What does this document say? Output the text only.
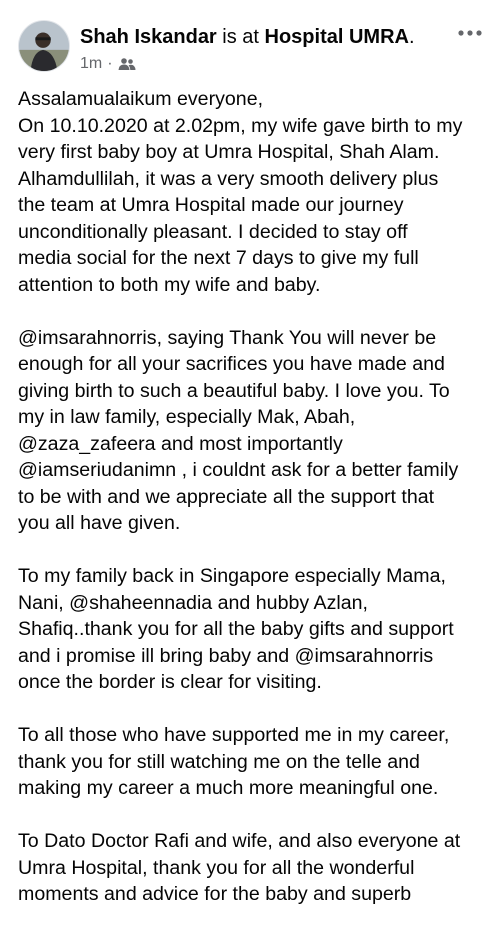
Shah Iskandar is at Hospital UMRA.
1m ·

Assalamualaikum everyone,
On 10.10.2020 at 2.02pm, my wife gave birth to my
very first baby boy at Umra Hospital, Shah Alam.
Alhamdullilah, it was a very smooth delivery plus
the team at Umra Hospital made our journey
unconditionally pleasant. I decided to stay off
media social for the next 7 days to give my full
attention to both my wife and baby.

@imsarahnorris, saying Thank You will never be
enough for all your sacrifices you have made and
giving birth to such a beautiful baby. I love you. To
my in law family, especially Mak, Abah,
@zaza_zafeera and most importantly
@iamseriudanimn , i couldnt ask for a better family
to be with and we appreciate all the support that
you all have given.

To my family back in Singapore especially Mama,
Nani, @shaheennadia and hubby Azlan,
Shafiq..thank you for all the baby gifts and support
and i promise ill bring baby and @imsarahnorris
once the border is clear for visiting.

To all those who have supported me in my career,
thank you for still watching me on the telle and
making my career a much more meaningful one.

To Dato Doctor Rafi and wife, and also everyone at
Umra Hospital, thank you for all the wonderful
moments and advice for the baby and superb
